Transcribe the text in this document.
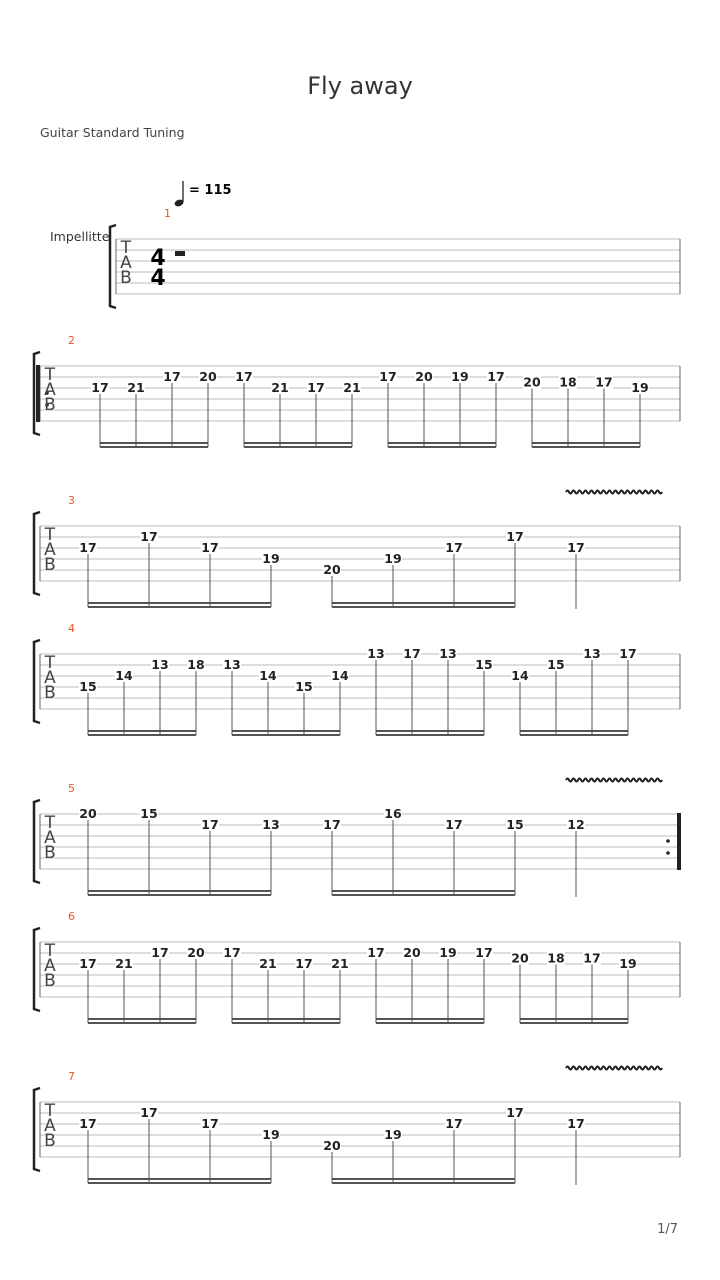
Fly away
Guitar Standard Tuning
T
A
B
1
4
4
= 115
Impellitte
T
A
B
2
17 21
17 20 17
21 17 21
17 20 19 17 20 18 17 19
T
A
B
3
17
17
17
19
20
19
17
17
17
T
A
B
4
15
14
13 18 13
14
15
14
13 17 13
15
14
15
13 17
T
A
B
5
20	15
17	13	17
16
17	15	12
T
A
B
6
17 21
17 20 17
21 17 21
17 20 19 17 20 18 17 19
T
A
B
7
17
17
17
19
20
19
17
17
17
1/7
